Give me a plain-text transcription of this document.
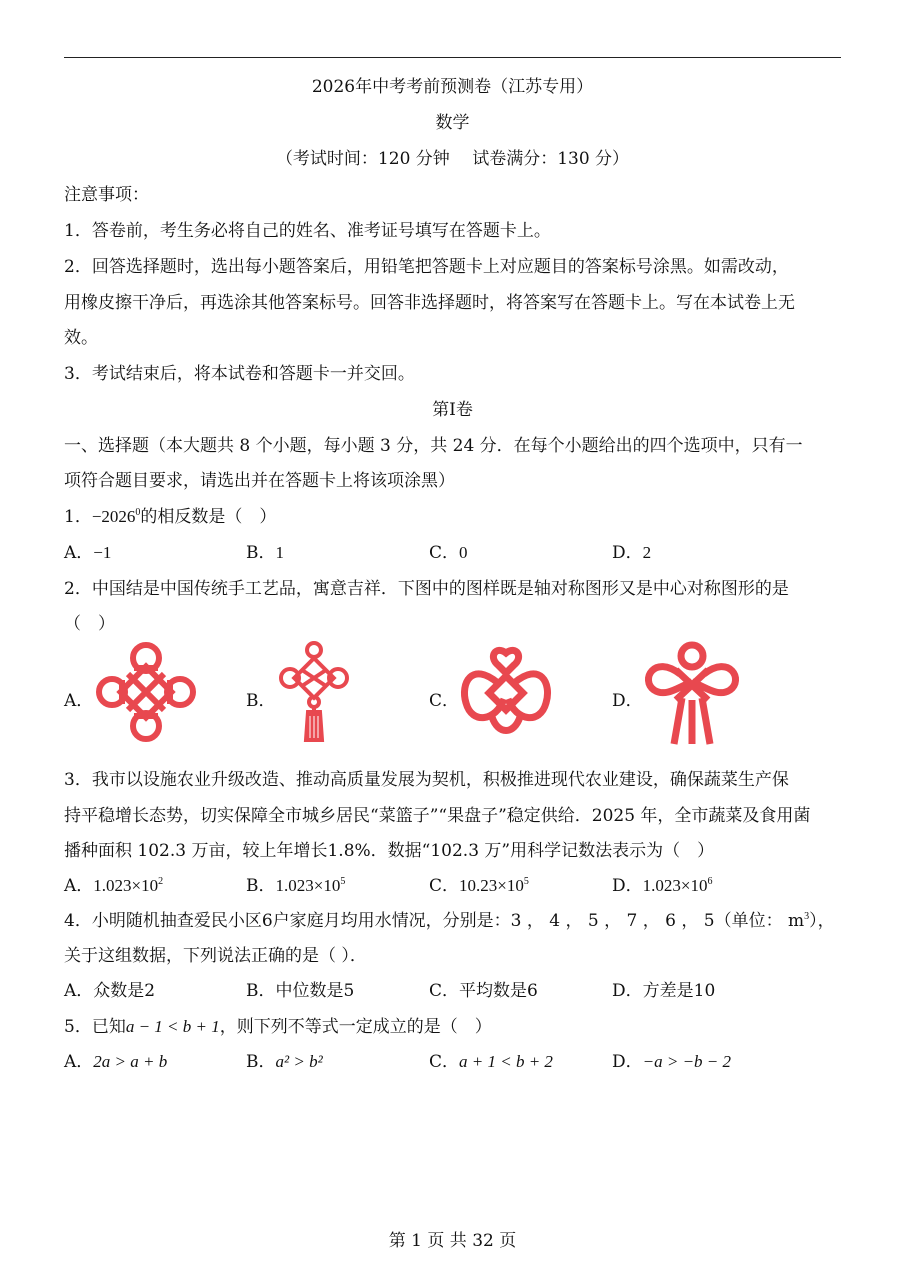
2026年中考考前预测卷（江苏专用）
数学
（考试时间：120 分钟　 试卷满分：130 分）
注意事项：
1．答卷前，考生务必将自己的姓名、准考证号填写在答题卡上。
2．回答选择题时，选出每小题答案后，用铅笔把答题卡上对应题目的答案标号涂黑。如需改动，
用橡皮擦干净后，再选涂其他答案标号。回答非选择题时，将答案写在答题卡上。写在本试卷上无
效。
3．考试结束后，将本试卷和答题卡一并交回。
第Ⅰ卷
一、选择题（本大题共 8 个小题，每小题 3 分，共 24 分．在每个小题给出的四个选项中，只有一
项符合题目要求，请选出并在答题卡上将该项涂黑）
1．$-2026^0$的相反数是（　）
A．−1	B．1	C．0	D．2
2．中国结是中国传统手工艺品，寓意吉祥．下图中的图样既是轴对称图形又是中心对称图形的是
（　）
A．	B．	C．	D．
3．我市以设施农业升级改造、推动高质量发展为契机，积极推进现代农业建设，确保蔬菜生产保
持平稳增长态势，切实保障全市城乡居民“菜篮子”“果盘子”稳定供给．2025 年，全市蔬菜及食用菌
播种面积 102.3 万亩，较上年增长1.8%．数据“102.3 万”用科学记数法表示为（　）
A．$1.023\times 10^2$	B．$1.023\times 10^5$	C．$10.23\times 10^5$	D．$1.023\times 10^6$
4．小明随机抽查爱民小区6户家庭月均用水情况，分别是：3 ， 4 ， 5 ， 7 ， 6 ， 5（单位： $m^3$），
关于这组数据，下列说法正确的是（ ）．
A．众数是2	B．中位数是5	C．平均数是6	D．方差是10
5．已知a − 1 < b + 1，则下列不等式一定成立的是（　）
A．2a > a + b	B．a² > b²	C．a + 1 < b + 2	D．−a > −b − 2
第 1 页 共 32 页
